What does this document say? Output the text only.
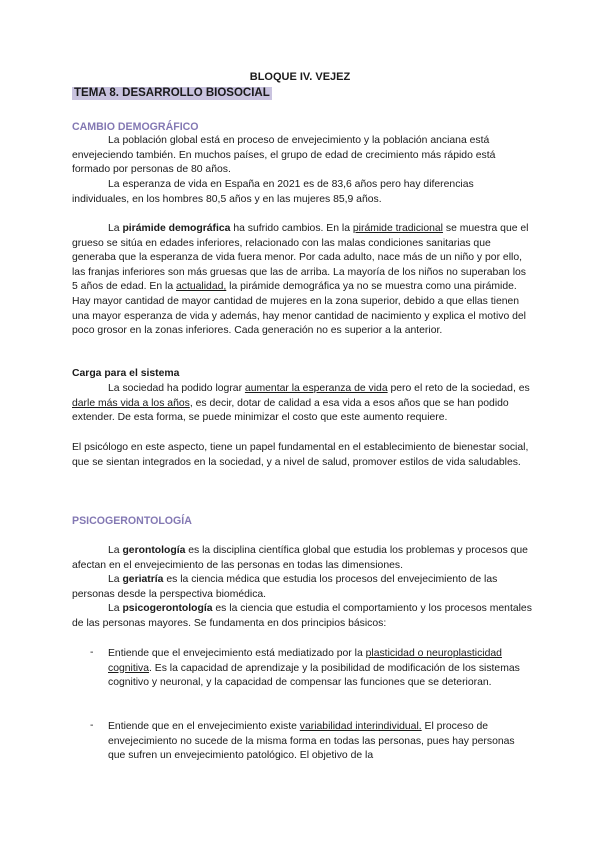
BLOQUE IV. VEJEZ

TEMA 8. DESARROLLO BIOSOCIAL

CAMBIO DEMOGRÁFICO

La población global está en proceso de envejecimiento y la población anciana está envejeciendo también. En muchos países, el grupo de edad de crecimiento más rápido está formado por personas de 80 años.

La esperanza de vida en España en 2021 es de 83,6 años pero hay diferencias individuales, en los hombres 80,5 años y en las mujeres 85,9 años.

La pirámide demográfica ha sufrido cambios. En la pirámide tradicional se muestra que el grueso se sitúa en edades inferiores, relacionado con las malas condiciones sanitarias que generaba que la esperanza de vida fuera menor. Por cada adulto, nace más de un niño y por ello, las franjas inferiores son más gruesas que las de arriba. La mayoría de los niños no superaban los 5 años de edad. En la actualidad, la pirámide demográfica ya no se muestra como una pirámide. Hay mayor cantidad de mayor cantidad de mujeres en la zona superior, debido a que ellas tienen una mayor esperanza de vida y además, hay menor cantidad de nacimiento y explica el motivo del poco grosor en la zonas inferiores. Cada generación no es superior a la anterior.

Carga para el sistema

La sociedad ha podido lograr aumentar la esperanza de vida pero el reto de la sociedad, es darle más vida a los años, es decir, dotar de calidad a esa vida a esos años que se han podido extender. De esta forma, se puede minimizar el costo que este aumento requiere.

El psicólogo en este aspecto, tiene un papel fundamental en el establecimiento de bienestar social, que se sientan integrados en la sociedad, y a nivel de salud, promover estilos de vida saludables.

PSICOGERONTOLOGÍA

La gerontología es la disciplina científica global que estudia los problemas y procesos que afectan en el envejecimiento de las personas en todas las dimensiones.

La geriatría es la ciencia médica que estudia los procesos del envejecimiento de las personas desde la perspectiva biomédica.

La psicogerontología es la ciencia que estudia el comportamiento y los procesos mentales de las personas mayores. Se fundamenta en dos principios básicos:

- Entiende que el envejecimiento está mediatizado por la plasticidad o neuroplasticidad cognitiva. Es la capacidad de aprendizaje y la posibilidad de modificación de los sistemas cognitivo y neuronal, y la capacidad de compensar las funciones que se deterioran.

- Entiende que en el envejecimiento existe variabilidad interindividual. El proceso de envejecimiento no sucede de la misma forma en todas las personas, pues hay personas que sufren un envejecimiento patológico. El objetivo de la
